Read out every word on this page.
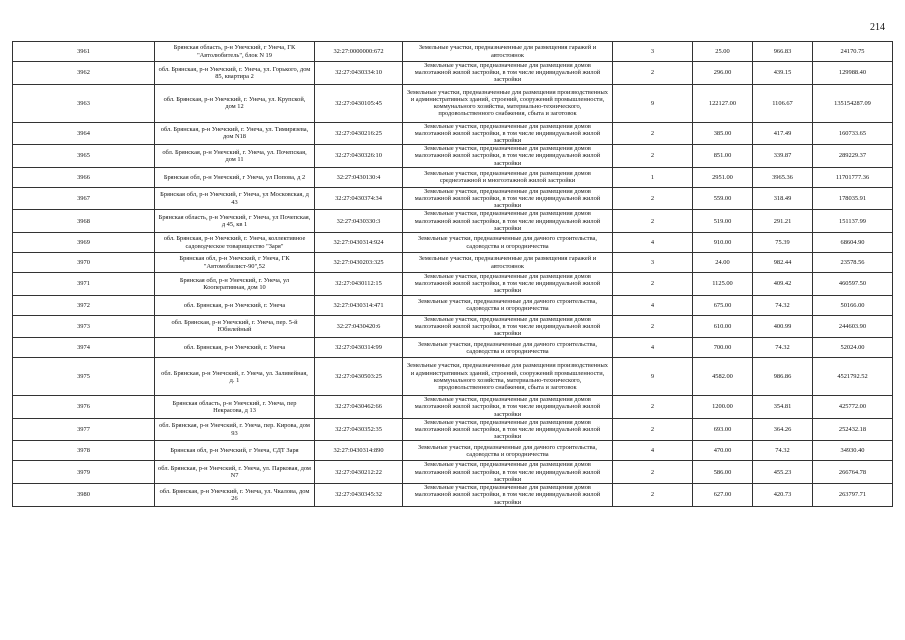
214
3961	Брянская область, р-н Унечский, г Унеча, ГК "Автолюбитель", блок N 19	32:27:0000000:672	Земельные участки, предназначенные для размещения гаражей и автостоянок	3	25.00	966.83	24170.75
3962	обл. Брянская, р-н Унечский, г. Унеча, ул. Горького, дом 85, квартира 2	32:27:0430334:10	Земельные участки, предназначенные для размещения домов малоэтажной жилой застройки, в том числе индивидуальной жилой застройки	2	296.00	439.15	129988.40
3963	обл. Брянская, р-н Унечский, г. Унеча, ул. Крупской, дом 12	32:27:0430105:45	Земельные участки, предназначенные для размещения производственных и административных зданий, строений, сооружений промышленности, коммунального хозяйства, материально-технического, продовольственного снабжения, сбыта и заготовок	9	122127.00	1106.67	135154287.09
3964	обл. Брянская, р-н Унечский, г. Унеча, ул. Тимирязева, дом N18	32:27:0430216:25	Земельные участки, предназначенные для размещения домов малоэтажной жилой застройки, в том числе индивидуальной жилой застройки	2	385.00	417.49	160733.65
3965	обл. Брянская, р-н Унечский, г. Унеча, ул. Почепская, дом 11	32:27:0430326:10	Земельные участки, предназначенные для размещения домов малоэтажной жилой застройки, в том числе индивидуальной жилой застройки	2	851.00	339.87	289229.37
3966	Брянская обл, р-н Унечский, г Унеча, ул Попова, д 2	32:27:0430130:4	Земельные участки, предназначенные для размещения домов среднеэтажной и многоэтажной жилой застройки	1	2951.00	3965.36	11701777.36
3967	Брянская обл, р-н Унечский, г Унеча, ул Московская, д 43	32:27:0430374:34	Земельные участки, предназначенные для размещения домов малоэтажной жилой застройки, в том числе индивидуальной жилой застройки	2	559.00	318.49	178035.91
3968	Брянская область, р-н Унечский, г Унеча, ул Почепская, д 45, кв 1	32:27:0430330:3	Земельные участки, предназначенные для размещения домов малоэтажной жилой застройки, в том числе индивидуальной жилой застройки	2	519.00	291.21	151137.99
3969	обл. Брянская, р-н Унечский, г. Унеча, коллективное садоводческое товарищество "Заря"	32:27:0430314:924	Земельные участки, предназначенные для дачного строительства, садоводства и огородничества	4	910.00	75.39	68604.90
3970	Брянская обл, р-н Унечский, г Унеча, ГК "Автомобилист-90",52	32:27:0430203:325	Земельные участки, предназначенные для размещения гаражей и автостоянок	3	24.00	982.44	23578.56
3971	Брянская обл, р-н Унечский, г. Унеча, ул Кооперативная, дом 10	32:27:0430112:15	Земельные участки, предназначенные для размещения домов малоэтажной жилой застройки, в том числе индивидуальной жилой застройки	2	1125.00	409.42	460597.50
3972	обл. Брянская, р-н Унечский, г. Унеча	32:27:0430314:471	Земельные участки, предназначенные для дачного строительства, садоводства и огородничества	4	675.00	74.32	50166.00
3973	обл. Брянская, р-н Унечский, г. Унеча, пер. 5-й Юбилейный	32:27:0430420:6	Земельные участки, предназначенные для размещения домов малоэтажной жилой застройки, в том числе индивидуальной жилой застройки	2	610.00	400.99	244603.90
3974	обл. Брянская, р-н Унечский, г. Унеча	32:27:0430314:99	Земельные участки, предназначенные для дачного строительства, садоводства и огородничества	4	700.00	74.32	52024.00
3975	обл. Брянская, р-н Унечский, г. Унеча, ул. Заливейная, д. 1	32:27:0430503:25	Земельные участки, предназначенные для размещения производственных и административных зданий, строений, сооружений промышленности, коммунального хозяйства, материально-технического, продовольственного снабжения, сбыта и заготовок	9	4582.00	986.86	4521792.52
3976	Брянская область, р-н Унечский, г. Унеча, пер Некрасова, д 13	32:27:0430462:66	Земельные участки, предназначенные для размещения домов малоэтажной жилой застройки, в том числе индивидуальной жилой застройки	2	1200.00	354.81	425772.00
3977	обл. Брянская, р-н Унечский, г. Унеча, пер. Кирова, дом 93	32:27:0430352:35	Земельные участки, предназначенные для размещения домов малоэтажной жилой застройки, в том числе индивидуальной жилой застройки	2	693.00	364.26	252432.18
3978	Брянская обл, р-н Унечский, г Унеча, СДТ Заря	32:27:0430314:890	Земельные участки, предназначенные для дачного строительства, садоводства и огородничества	4	470.00	74.32	34930.40
3979	обл. Брянская, р-н Унечский, г. Унеча, ул. Парковая, дом N7	32:27:0430212:22	Земельные участки, предназначенные для размещения домов малоэтажной жилой застройки, в том числе индивидуальной жилой застройки	2	586.00	455.23	266764.78
3980	обл. Брянская, р-н Унечский, г. Унеча, ул. Чкалова, дом 26	32:27:0430345:32	Земельные участки, предназначенные для размещения домов малоэтажной жилой застройки, в том числе индивидуальной жилой застройки	2	627.00	420.73	263797.71
